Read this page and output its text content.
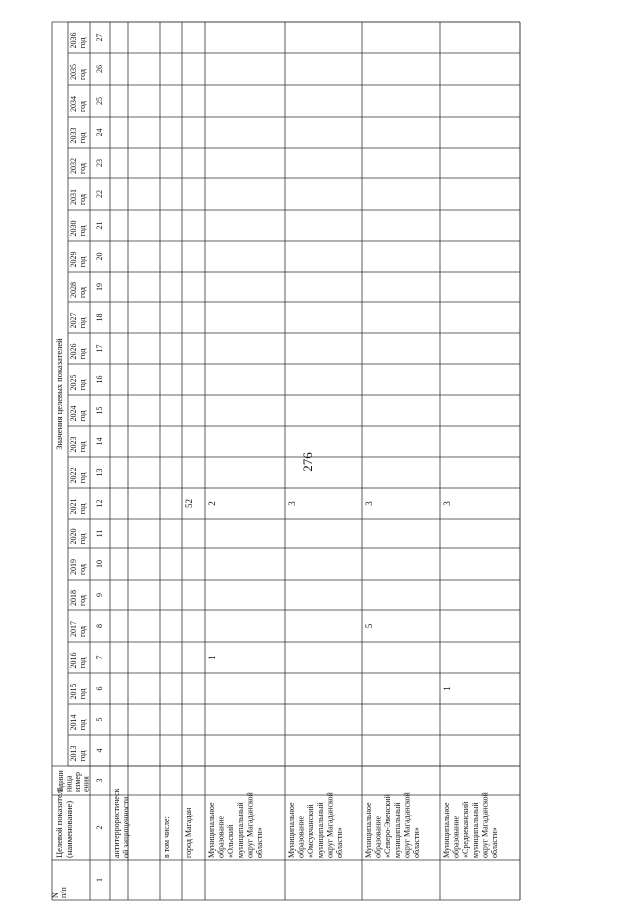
276
Nп/п
Целевой показатель(наименование)
Едининицаизмерения
Значения целевых показателей
2013год
2014год
2015год
2016год
2017год
2018год
2019год
2020год
2021год
2022год
2023год
2024год
2025год
2026год
2027год
2028год
2029год
2030год
2031год
2032год
2033год
2034год
2035год
2036год
1
2
3
4
5
6
7
8
9
10
11
12
13
14
15
16
17
18
19
20
21
22
23
24
25
26
27
антитеррористической защищенности	в том числе: город Магадан
52
Муниципальноеобразование«Ольскиймуниципальныйокруг Магаданскойобласти»
1
2
Муниципальноеобразование«Омсукчанскиймуниципальныйокруг Магаданскойобласти»
3
Муниципальноеобразование«Северо-Эвенскиймуниципальныйокруг Магаданскойобласти»
5
3
Муниципальноеобразование«Среднеканскиймуниципальныйокруг Магаданскойобласти»
1
3
